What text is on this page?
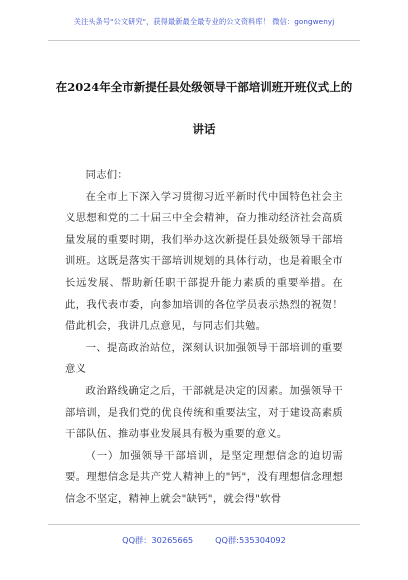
关注头条号"公文研究"，获得最新最全最专业的公文资料库！ 微信：gongwenyj
在2024年全市新提任县处级领导干部培训班开班仪式上的
讲话

同志们：

在全市上下深入学习贯彻习近平新时代中国特色社会主义思想和党的二十届三中全会精神，奋力推动经济社会高质量发展的重要时期，我们举办这次新提任县处级领导干部培训班。这既是落实干部培训规划的具体行动，也是着眼全市长远发展、帮助新任职干部提升能力素质的重要举措。在此，我代表市委，向参加培训的各位学员表示热烈的祝贺！借此机会，我讲几点意见，与同志们共勉。

一、提高政治站位，深刻认识加强领导干部培训的重要意义

政治路线确定之后，干部就是决定的因素。加强领导干部培训，是我们党的优良传统和重要法宝，对于建设高素质干部队伍、推动事业发展具有极为重要的意义。

（一）加强领导干部培训，是坚定理想信念的迫切需要。理想信念是共产党人精神上的"钙"，没有理想信念理想信念不坚定，精神上就会"缺钙"，就会得"软骨

QQ群：30265665	QQ群:535304092
